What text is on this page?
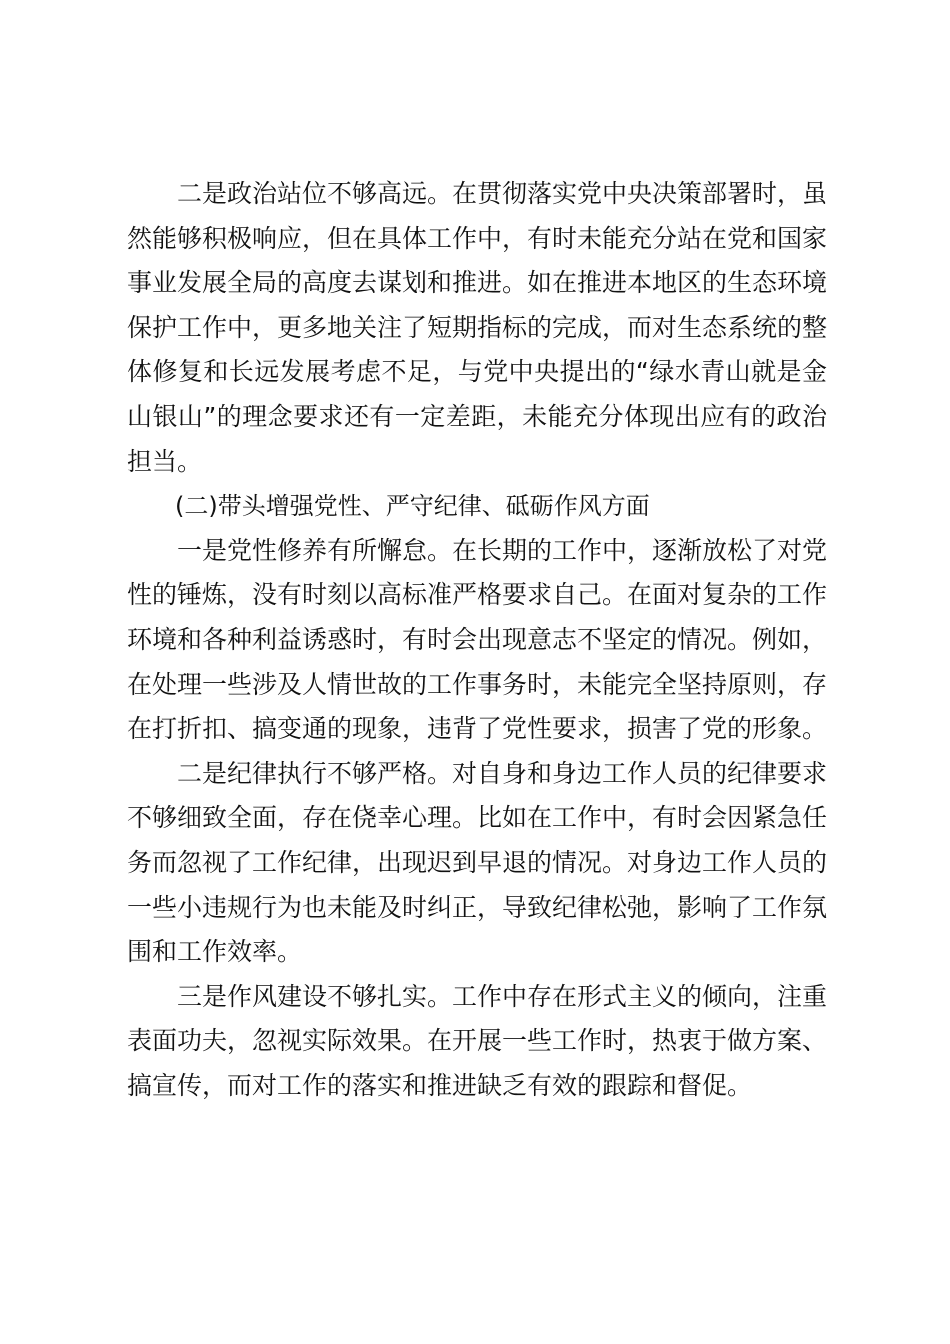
二是政治站位不够高远。在贯彻落实党中央决策部署时，虽然能够积极响应，但在具体工作中，有时未能充分站在党和国家事业发展全局的高度去谋划和推进。如在推进本地区的生态环境保护工作中，更多地关注了短期指标的完成，而对生态系统的整体修复和长远发展考虑不足，与党中央提出的“绿水青山就是金山银山”的理念要求还有一定差距，未能充分体现出应有的政治担当。

(二)带头增强党性、严守纪律、砥砺作风方面

一是党性修养有所懈怠。在长期的工作中，逐渐放松了对党性的锤炼，没有时刻以高标准严格要求自己。在面对复杂的工作环境和各种利益诱惑时，有时会出现意志不坚定的情况。例如，在处理一些涉及人情世故的工作事务时，未能完全坚持原则，存在打折扣、搞变通的现象，违背了党性要求，损害了党的形象。

二是纪律执行不够严格。对自身和身边工作人员的纪律要求不够细致全面，存在侥幸心理。比如在工作中，有时会因紧急任务而忽视了工作纪律，出现迟到早退的情况。对身边工作人员的一些小违规行为也未能及时纠正，导致纪律松弛，影响了工作氛围和工作效率。

三是作风建设不够扎实。工作中存在形式主义的倾向，注重表面功夫，忽视实际效果。在开展一些工作时，热衷于做方案、搞宣传，而对工作的落实和推进缺乏有效的跟踪和督促。
